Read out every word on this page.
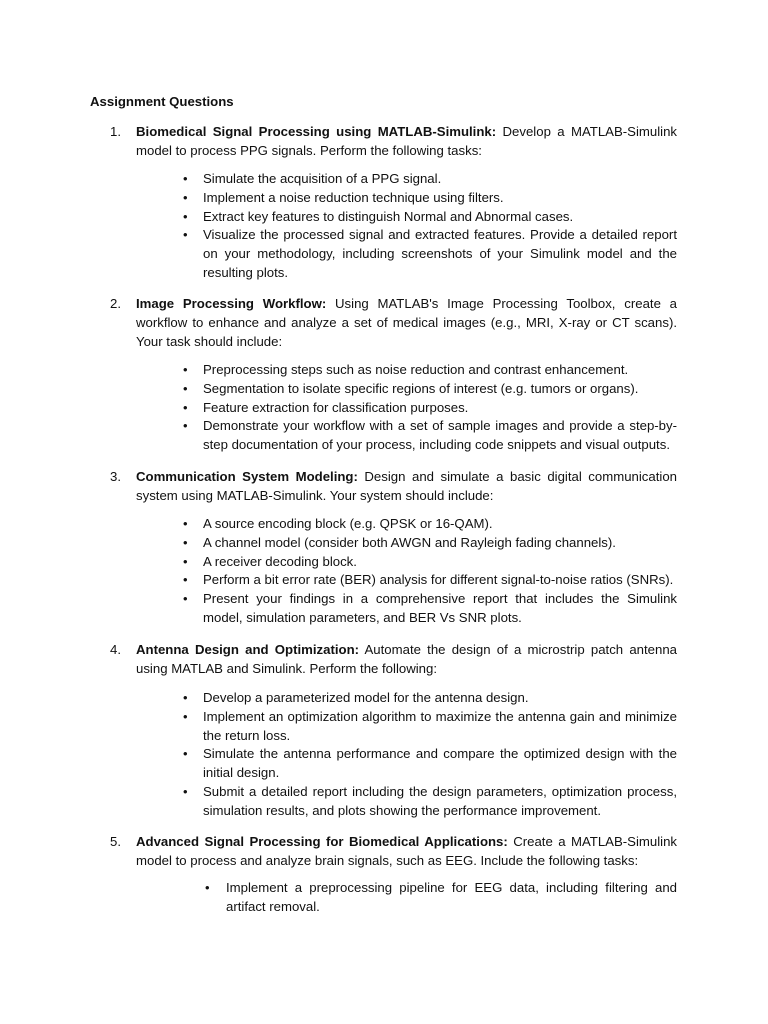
Assignment Questions
1. Biomedical Signal Processing using MATLAB-Simulink: Develop a MATLAB-Simulink model to process PPG signals. Perform the following tasks:
• Simulate the acquisition of a PPG signal.
• Implement a noise reduction technique using filters.
• Extract key features to distinguish Normal and Abnormal cases.
• Visualize the processed signal and extracted features. Provide a detailed report on your methodology, including screenshots of your Simulink model and the resulting plots.
2. Image Processing Workflow: Using MATLAB's Image Processing Toolbox, create a workflow to enhance and analyze a set of medical images (e.g., MRI, X-ray or CT scans). Your task should include:
• Preprocessing steps such as noise reduction and contrast enhancement.
• Segmentation to isolate specific regions of interest (e.g. tumors or organs).
• Feature extraction for classification purposes.
• Demonstrate your workflow with a set of sample images and provide a step-by-step documentation of your process, including code snippets and visual outputs.
3. Communication System Modeling: Design and simulate a basic digital communication system using MATLAB-Simulink. Your system should include:
• A source encoding block (e.g. QPSK or 16-QAM).
• A channel model (consider both AWGN and Rayleigh fading channels).
• A receiver decoding block.
• Perform a bit error rate (BER) analysis for different signal-to-noise ratios (SNRs).
• Present your findings in a comprehensive report that includes the Simulink model, simulation parameters, and BER Vs SNR plots.
4. Antenna Design and Optimization: Automate the design of a microstrip patch antenna using MATLAB and Simulink. Perform the following:
• Develop a parameterized model for the antenna design.
• Implement an optimization algorithm to maximize the antenna gain and minimize the return loss.
• Simulate the antenna performance and compare the optimized design with the initial design.
• Submit a detailed report including the design parameters, optimization process, simulation results, and plots showing the performance improvement.
5. Advanced Signal Processing for Biomedical Applications: Create a MATLAB-Simulink model to process and analyze brain signals, such as EEG. Include the following tasks:
• Implement a preprocessing pipeline for EEG data, including filtering and artifact removal.
